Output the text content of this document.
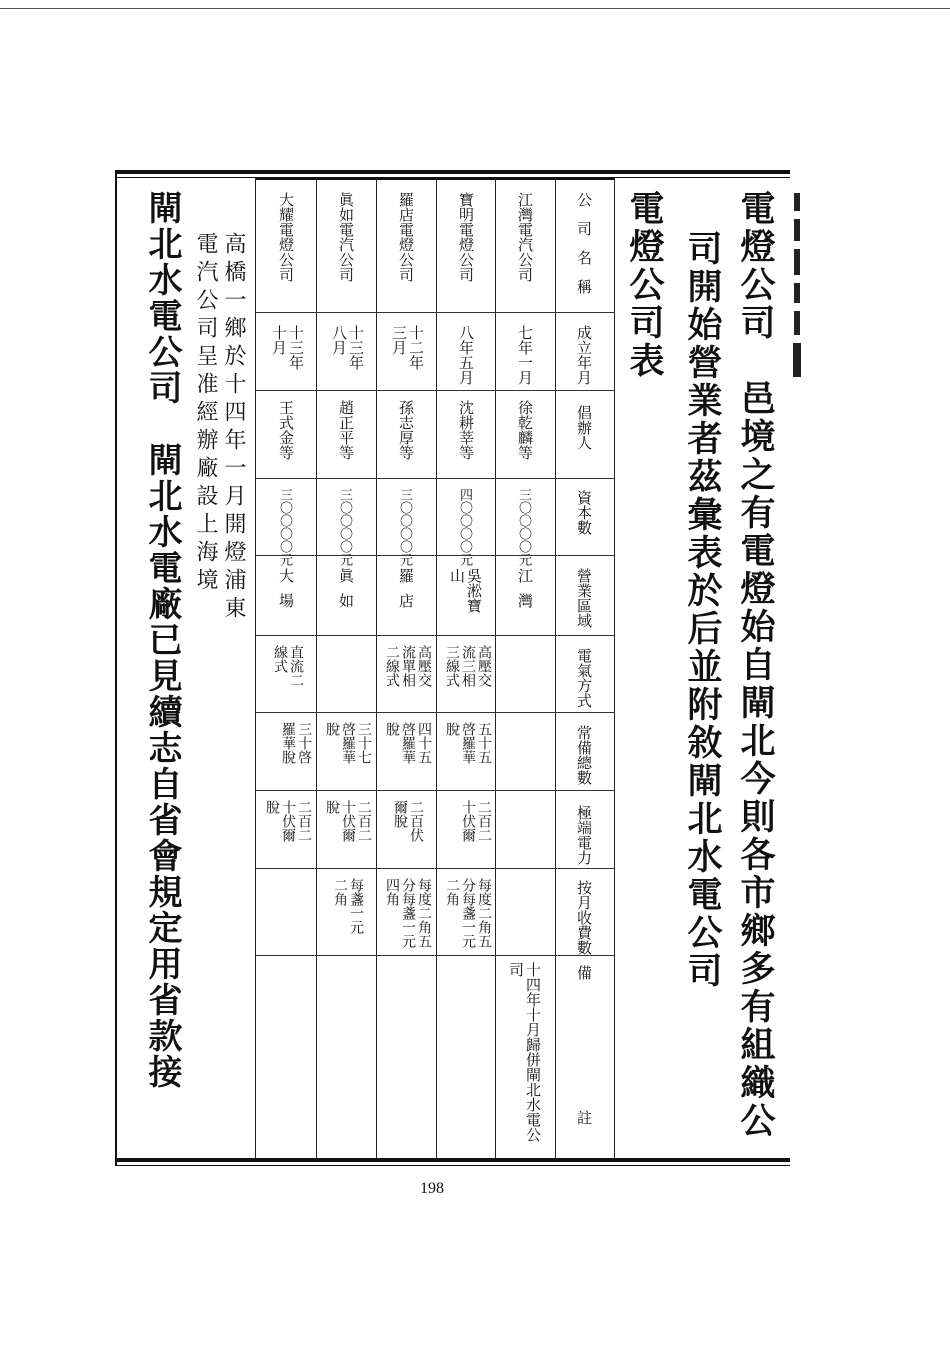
電燈公司　邑境之有電燈始自閘北今則各市鄉多有組織公
司開始營業者茲彙表於后並附敘閘北水電公司
電燈公司表
公司名稱
成立年月
倡辦人
資本數
營業區域
電氣方式
常備總數
極端電力
按月收費數
備註
江灣電汽公司
七年一月
徐乾麟等
三〇〇〇〇元
江灣
十四年十月歸併閘北水電公司
寶明電燈公司
八年五月
沈耕莘等
四〇〇〇〇元
吳淞寶山
高壓交流三相三線式
五十五啓羅華脫
二百二十伏爾
每度二角五分每盞一元二角
羅店電燈公司
十二年三月
孫志厚等
三〇〇〇〇元
羅店
高壓交流單相二線式
四十五啓羅華脫
二百伏爾脫
每度二角五分每盞一元四角
眞如電汽公司
十三年八月
趙正平等
三〇〇〇〇元
眞如
三十七啓羅華脫
二百二十伏爾脫
每盞一元二角
大耀電燈公司
十三年十月
王式金等
三〇〇〇〇元
大場
直流二線式
三十啓羅華脫
二百二十伏爾脫
高橋一鄉於十四年一月開燈浦東
電汽公司呈准經辦廠設上海境
閘北水電公司　閘北水電廠已見續志自省會規定用省款接
198
